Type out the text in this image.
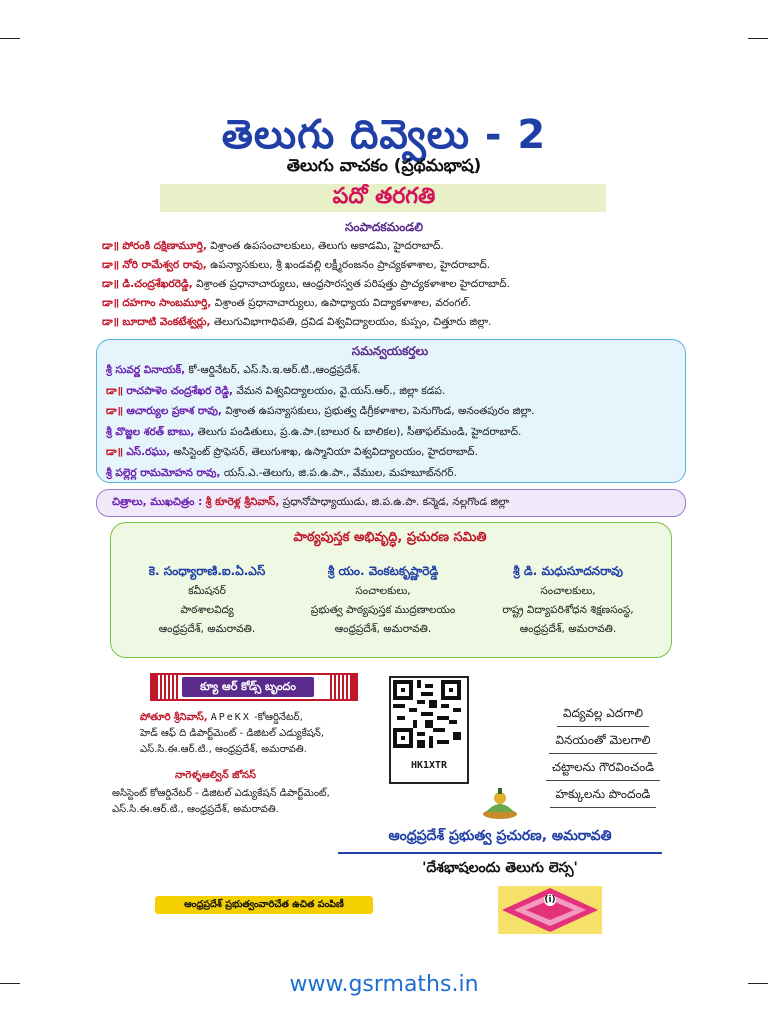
తెలుగు దివ్వెలు - 2
తెలుగు వాచకం (ప్రథమభాష)
పదో తరగతి
సంపాదకమండలి
డా॥ పోరంకి దక్షిణామూర్తి, విశ్రాంత ఉపసంచాలకులు, తెలుగు అకాడమి, హైదరాబాద్.
డా॥ నోరి రామేశ్వర రావు, ఉపన్యాసకులు, శ్రీ ఖండవల్లి లక్ష్మీరంజనం ప్రాచ్యకళాశాల, హైదరాబాద్.
డా॥ డి.చంద్రశేఖరరెడ్డి, విశ్రాంత ప్రధానాచార్యులు, ఆంధ్రసారస్వత పరిషత్తు ప్రాచ్యకళాశాల హైదరాబాద్.
డా॥ దహగాం సాంబమూర్తి, విశ్రాంత ప్రధానాచార్యులు, ఉపాధ్యాయ విద్యాకళాశాల, వరంగల్.
డా॥ బూదాటి వెంకటేశ్వర్లు, తెలుగువిభాగాధిపతి, ద్రవిడ విశ్వవిద్యాలయం, కుప్పం, చిత్తూరు జిల్లా.
సమన్వయకర్తలు
శ్రీ సువర్ణ వినాయక్, కో-ఆర్డినేటర్, ఎస్.సి.ఇ.ఆర్.టి.,ఆంధ్రప్రదేశ్.
డా॥ రాచపాళెం చంద్రశేఖర రెడ్డి, వేమన విశ్వవిద్యాలయం, వై.యస్.ఆర్., జిల్లా కడప.
డా॥ ఆచార్యుల ప్రకాశ రావు, విశ్రాంత ఉపన్యాసకులు, ప్రభుత్వ డిగ్రీకళాశాల, పెనుగొండ, అనంతపురం జిల్లా.
శ్రీ వొజ్జల శరత్ బాబు, తెలుగు పండితులు, ప్ర.ఉ.పా.(బాలుర & బాలికల), సీతాఫల్‌మండి, హైదరాబాద్.
డా॥ ఎస్.రఘు, అసిస్టెంట్ ప్రొఫెసర్, తెలుగుశాఖ, ఉస్మానియా విశ్వవిద్యాలయం, హైదరాబాద్.
శ్రీ పల్లెర్ల రామమోహన రావు, యస్.ఎ.-తెలుగు, జి.ప.ఉ.పా., వేముల, మహబూబ్‌నగర్.
చిత్రాలు, ముఖచిత్రం : శ్రీ కూరెళ్ల శ్రీనివాస్, ప్రధానోపాధ్యాయుడు, జి.ప.ఉ.పా. కన్మెడ, నల్లగొండ జిల్లా
పాఠ్యపుస్తక అభివృద్ధి, ప్రచురణ సమితి
కె. సంధ్యారాణి.ఐ.ఏ.ఎస్
కమీషనర్
పాఠశాలవిద్య
ఆంధ్రప్రదేశ్, అమరావతి.
శ్రీ యం. వెంకటకృష్ణారెడ్డి
సంచాలకులు,
ప్రభుత్వ పాఠ్యపుస్తక ముద్రణాలయం
ఆంధ్రప్రదేశ్, అమరావతి.
శ్రీ డి. మధుసూదనరావు
సంచాలకులు,
రాష్ట్ర విద్యాపరిశోధన శిక్షణసంస్థ,
ఆంధ్రప్రదేశ్, అమరావతి.
క్యూ ఆర్ కోడ్స్ బృందం
పోతూరి శ్రీనివాస్, APeKX -కోఆర్డినేటర్,
హెడ్ ఆఫ్ ది డిపార్ట్‌మెంట్ - డిజిటల్ ఎడ్యుకేషన్,
ఎస్.సి.ఈ.ఆర్.టి., ఆంధ్రప్రదేశ్, అమరావతి.
నాగెళ్ళఆల్విన్ జోనస్
అసిస్టెంట్ కోఆర్డినేటర్ - డిజిటల్ ఎడ్యుకేషన్ డిపార్ట్‌మెంట్,
ఎస్.సి.ఈ.ఆర్.టి., ఆంధ్రప్రదేశ్, అమరావతి.
HK1XTR
విద్యవల్ల ఎదగాలి
వినయంతో మెలగాలి
చట్టాలను గౌరవించండి
హక్కులను పొందండి
ఆంధ్రప్రదేశ్ ప్రభుత్వ ప్రచురణ, అమరావతి
'దేశభాషలందు తెలుగు లెస్స'
ఆంధ్రప్రదేశ్ ప్రభుత్వంవారిచేత ఉచిత పంపిణీ	(i)
www.gsrmaths.in
